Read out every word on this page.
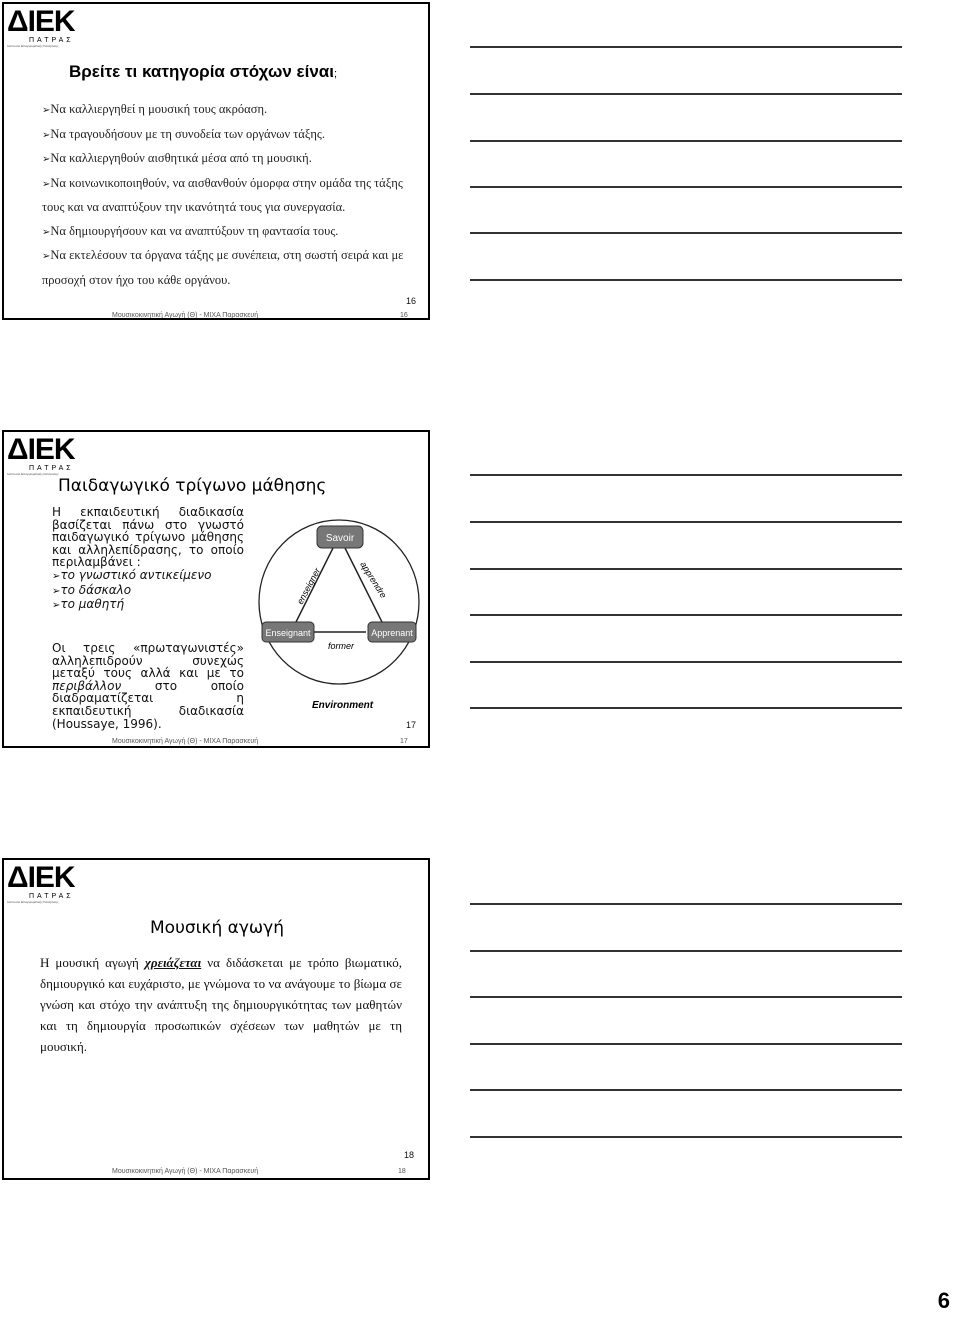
ΔΙΕΚ
ΠΑΤΡΑΣ
Ινστιτούτο Επαγγελματικής Κατάρτισης
Βρείτε τι κατηγορία στόχων είναι;
➢Να καλλιεργηθεί η μουσική τους ακρόαση.
➢Να τραγουδήσουν με τη συνοδεία των οργάνων τάξης.
➢Να καλλιεργηθούν αισθητικά μέσα από τη μουσική.
➢Να κοινωνικοποιηθούν, να αισθανθούν όμορφα στην ομάδα της τάξης τους και να αναπτύξουν την ικανότητά τους για συνεργασία.
➢Να δημιουργήσουν και να αναπτύξουν τη φαντασία τους.
➢Να εκτελέσουν τα όργανα τάξης με συνέπεια, στη σωστή σειρά και με προσοχή στον ήχο του κάθε οργάνου.
16
Μουσικοκινητική Αγωγή (Θ) - ΜΙΧΑ Παρασκευή	16
ΔΙΕΚ
ΠΑΤΡΑΣ
Ινστιτούτο Επαγγελματικής Κατάρτισης
Savoir
Enseignant	Apprenant
enseigner	apprendre
former
Environment
Παιδαγωγικό τρίγωνο μάθησης
Η εκπαιδευτική διαδικασία βασίζεται πάνω στο γνωστό παιδαγωγικό τρίγωνο μάθησης και αλληλεπίδρασης, το οποίο περιλαμβάνει :
➢το γνωστικό αντικείμενο
➢το δάσκαλο
➢το μαθητή
Οι τρεις «πρωταγωνιστές» αλληλεπιδρούν συνεχώς μεταξύ τους αλλά και με το περιβάλλον	στο οποίο διαδραματίζεται η εκπαιδευτική διαδικασία (Houssaye, 1996).	17
Μουσικοκινητική Αγωγή (Θ) - ΜΙΧΑ Παρασκευή	17
ΔΙΕΚ
ΠΑΤΡΑΣ
Ινστιτούτο Επαγγελματικής Κατάρτισης
18
Μουσικοκινητική Αγωγή (Θ) - ΜΙΧΑ Παρασκευή	18
Μουσική αγωγή

Η μουσική αγωγή χρειάζεται να διδάσκεται με τρόπο βιωματικό, δημιουργικό και ευχάριστο, με γνώμονα το να ανάγουμε το βίωμα σε γνώση και στόχο την ανάπτυξη της δημιουργικότητας των μαθητών και τη δημιουργία προσωπικών σχέσεων των μαθητών με τη μουσική.

6
